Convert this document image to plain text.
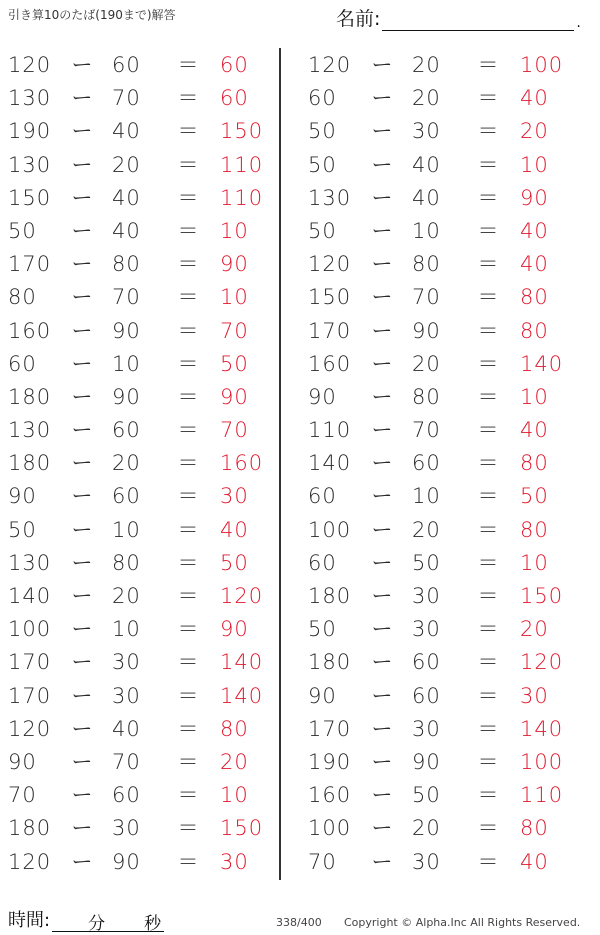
引き算10のたば(190まで)解答	名前:	.
120 ー 60	＝ 60
130 ー 70	＝ 60
190 ー 40	＝ 150
130 ー 20	＝ 110
150 ー 40	＝ 110
50	ー 40	＝ 10
170 ー 80	＝ 90
80	ー 70	＝ 10
160 ー 90	＝ 70
60	ー 10	＝ 50
180 ー 90	＝ 90
130 ー 60	＝ 70
180 ー 20	＝ 160
90	ー 60	＝ 30
50	ー 10	＝ 40
130 ー 80	＝ 50
140 ー 20	＝ 120
100 ー 10	＝ 90
170 ー 30	＝ 140
170 ー 30	＝ 140
120 ー 40	＝ 80
90	ー 70	＝ 20
70	ー 60	＝ 10
180 ー 30	＝ 150
120 ー 90	＝ 30
120 ー 20	＝ 100
60	ー 20	＝ 40
50	ー 30	＝ 20
50	ー 40	＝ 10
130 ー 40	＝ 90
50	ー 10	＝ 40
120 ー 80	＝ 40
150 ー 70	＝ 80
170 ー 90	＝ 80
160 ー 20	＝ 140
90	ー 80	＝ 10
110 ー 70	＝ 40
140 ー 60	＝ 80
60	ー 10	＝ 50
100 ー 20	＝ 80
60	ー 50	＝ 10
180 ー 30	＝ 150
50	ー 30	＝ 20
180 ー 60	＝ 120
90	ー 60	＝ 30
170 ー 30	＝ 140
190 ー 90	＝ 100
160 ー 50	＝ 110
100 ー 20	＝ 80
70	ー 30	＝ 40
時間: 分 秒	338/400 Copyright © Alpha.Inc All Rights Reserved.
